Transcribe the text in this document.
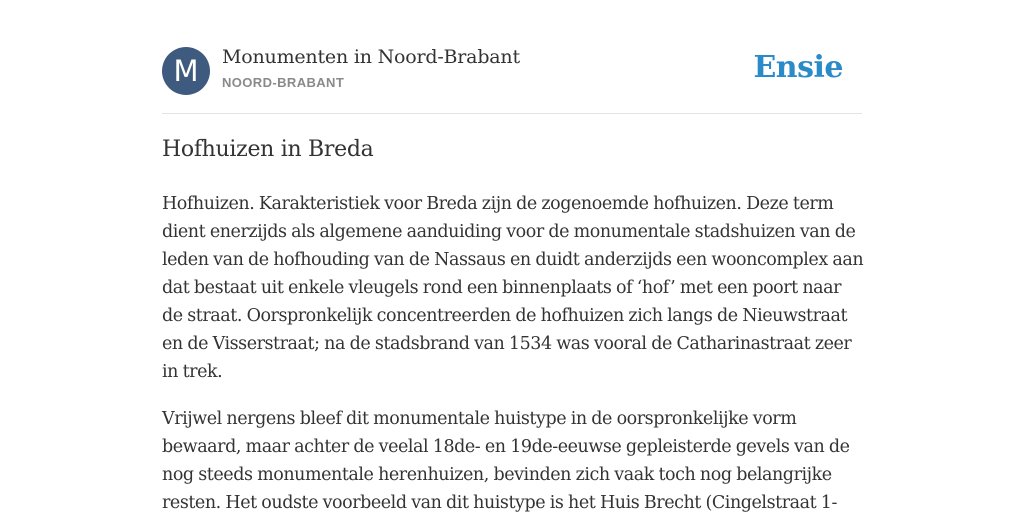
M	Monumenten in Noord-Brabant
NOORD-BRABANT	Ensie
Hofhuizen in Breda

Hofhuizen. Karakteristiek voor Breda zijn de zogenoemde hofhuizen. Deze term dient enerzijds als algemene aanduiding voor de monumentale stadshuizen van de leden van de hofhouding van de Nassaus en duidt anderzijds een wooncomplex aan dat bestaat uit enkele vleugels rond een binnenplaats of ‘hof’ met een poort naar de straat. Oorspronkelijk concentreerden de hofhuizen zich langs de Nieuwstraat en de Visserstraat; na de stadsbrand van 1534 was vooral de Catharinastraat zeer in trek.

Vrijwel nergens bleef dit monumentale huistype in de oorspronkelijke vorm bewaard, maar achter de veelal 18de- en 19de-eeuwse gepleisterde gevels van de nog steeds monumentale herenhuizen, bevinden zich vaak toch nog belangrijke resten. Het oudste voorbeeld van dit huistype is het Huis Brecht (Cingelstraat 1-
